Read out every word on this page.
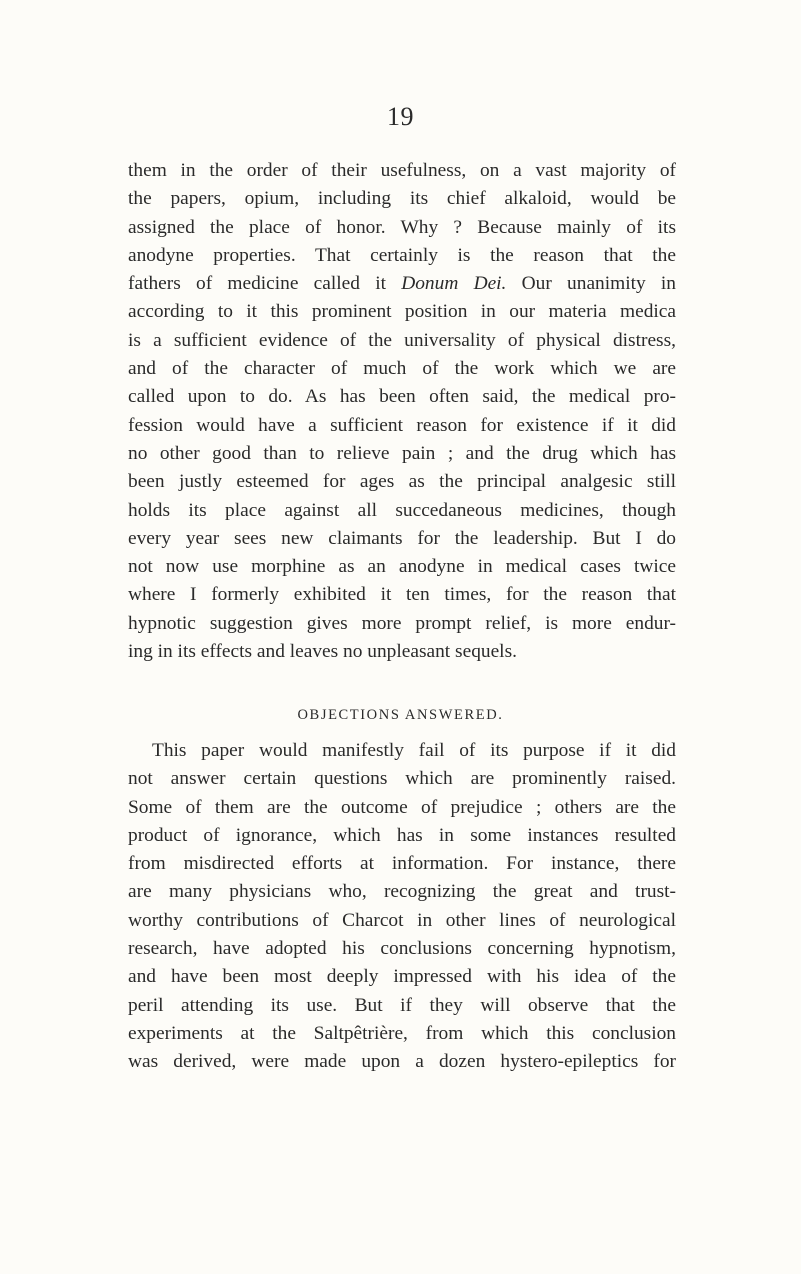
19
them in the order of their usefulness, on a vast majority of
the papers, opium, including its chief alkaloid, would be
assigned the place of honor. Why ? Because mainly of its
anodyne properties. That certainly is the reason that the
fathers of medicine called it Donum Dei. Our unanimity in
according to it this prominent position in our materia medica
is a sufficient evidence of the universality of physical distress,
and of the character of much of the work which we are
called upon to do. As has been often said, the medical pro-
fession would have a sufficient reason for existence if it did
no other good than to relieve pain ; and the drug which has
been justly esteemed for ages as the principal analgesic still
holds its place against all succedaneous medicines, though
every year sees new claimants for the leadership. But I do
not now use morphine as an anodyne in medical cases twice
where I formerly exhibited it ten times, for the reason that
hypnotic suggestion gives more prompt relief, is more endur-
ing in its effects and leaves no unpleasant sequels.
OBJECTIONS ANSWERED.
This paper would manifestly fail of its purpose if it did
not answer certain questions which are prominently raised.
Some of them are the outcome of prejudice ; others are the
product of ignorance, which has in some instances resulted
from misdirected efforts at information. For instance, there
are many physicians who, recognizing the great and trust-
worthy contributions of Charcot in other lines of neurological
research, have adopted his conclusions concerning hypnotism,
and have been most deeply impressed with his idea of the
peril attending its use. But if they will observe that the
experiments at the Saltpêtrière, from which this conclusion
was derived, were made upon a dozen hystero-epileptics for
